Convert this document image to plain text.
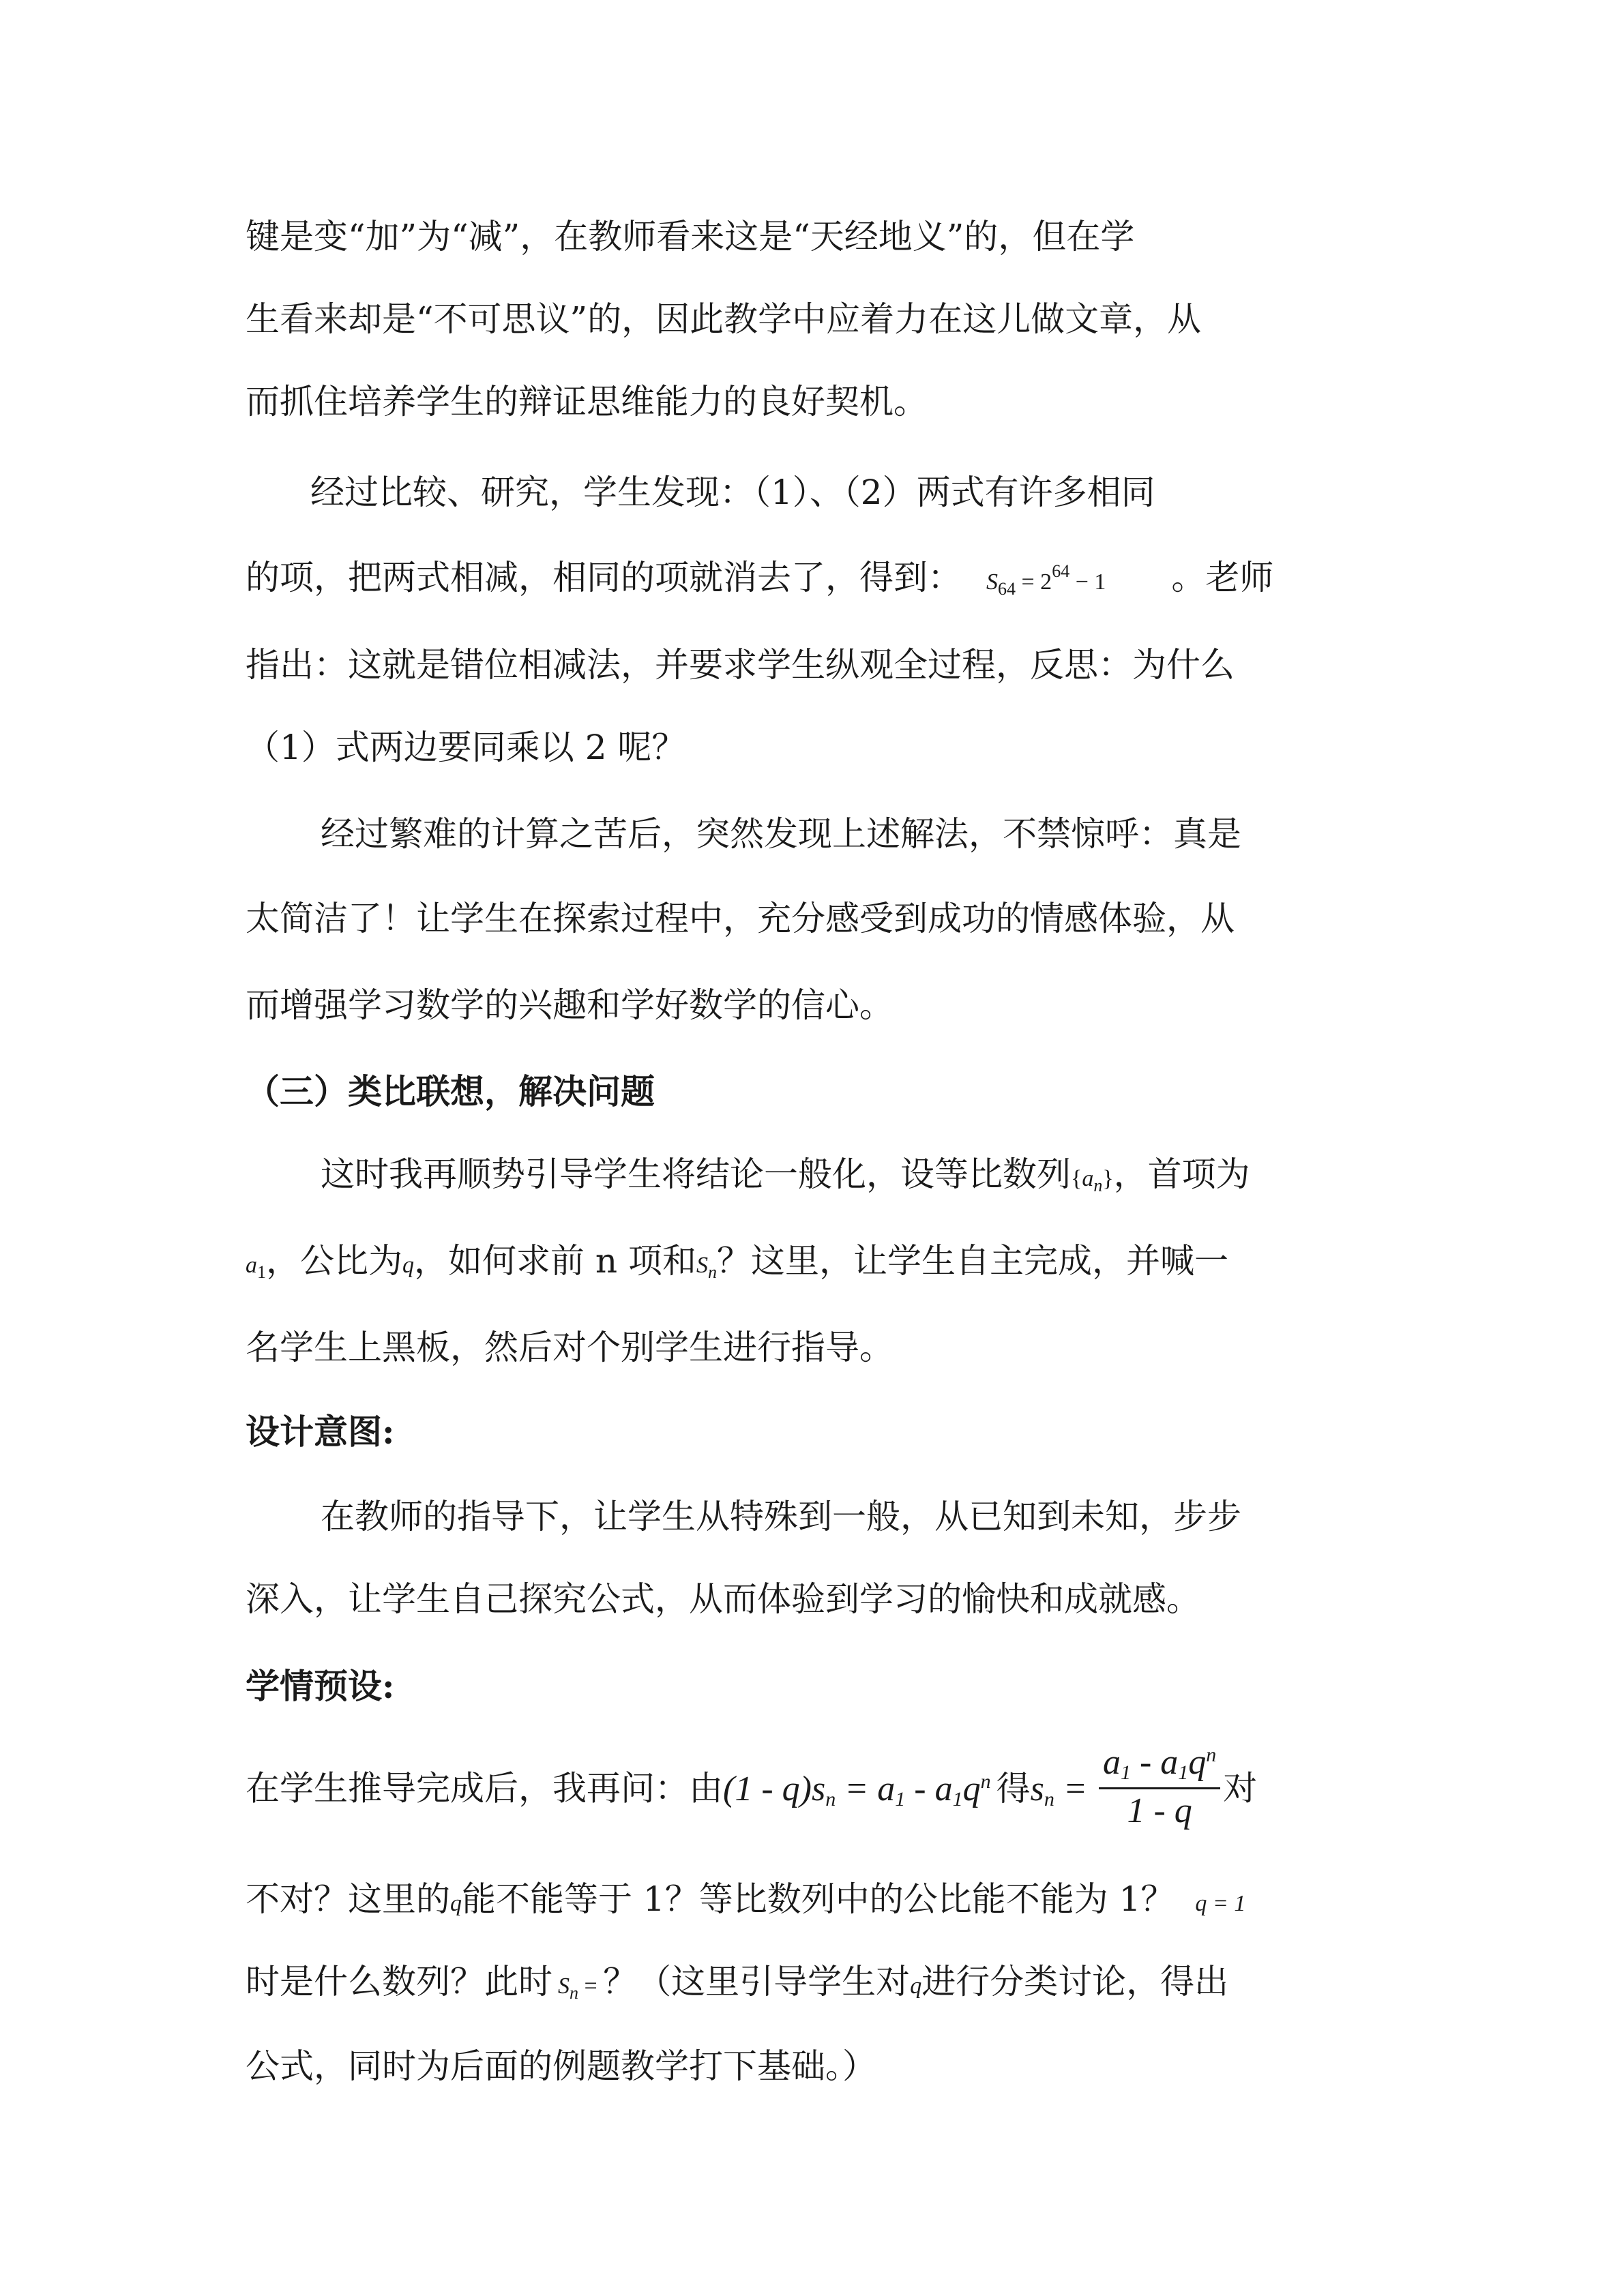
键是变“加”为“减”，在教师看来这是“天经地义”的，但在学
生看来却是“不可思议”的，因此教学中应着力在这儿做文章，从
而抓住培养学生的辩证思维能力的良好契机。
经过比较、研究，学生发现：（1）、（2）两式有许多相同
的项，把两式相减，相同的项就消去了，得到： $S_{64} = 2^{64} - 1$ 。老师
指出：这就是错位相减法，并要求学生纵观全过程，反思：为什么
（1）式两边要同乘以 2 呢？
经过繁难的计算之苦后，突然发现上述解法，不禁惊呼：真是
太简洁了！让学生在探索过程中，充分感受到成功的情感体验，从
而增强学习数学的兴趣和学好数学的信心。
（三）类比联想，解决问题
这时我再顺势引导学生将结论一般化，设等比数列$\{a_n\}$，首项为
$a_1$，公比为q，如何求前 n 项和$S_n$？这里，让学生自主完成，并喊一
名学生上黑板，然后对个别学生进行指导。
设计意图:
在教师的指导下，让学生从特殊到一般，从已知到未知，步步
深入，让学生自己探究公式，从而体验到学习的愉快和成就感。
学情预设:
在学生推导完成后，我再问：由$(1 - q)s_n = a_1 - a_1q^n$ 得$s_n = \frac{a_1 - a_1q^n}{1 - q}$ 对
不对？这里的q能不能等于 1？等比数列中的公比能不能为 1？ q = 1
时是什么数列？此时 $S_n$ = ？（这里引导学生对q进行分类讨论，得出
公式，同时为后面的例题教学打下基础。）
